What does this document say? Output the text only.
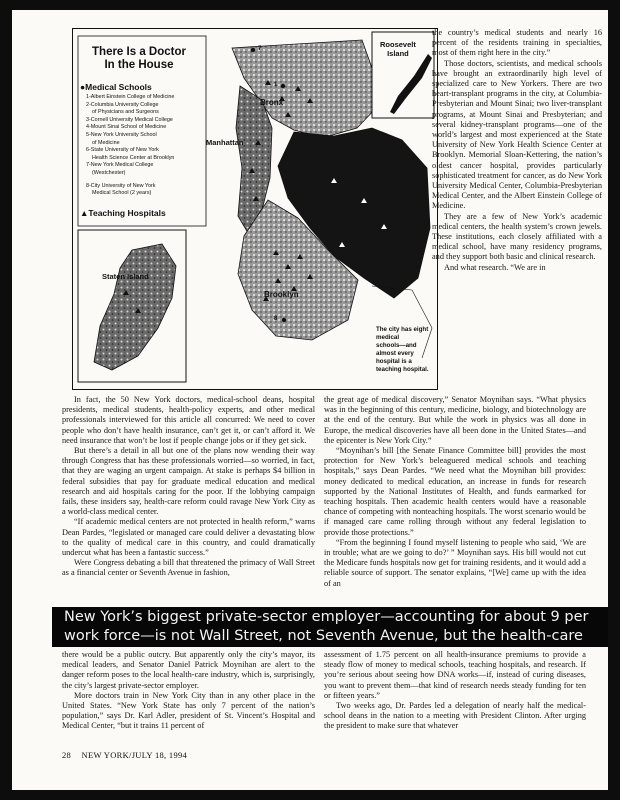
There Is a Doctor
In the House
●Medical Schools
1-Albert Einstein College of Medicine
2-Columbia University College
of Physicians and Surgeons
3-Cornell University Medical College
4-Mount Sinai School of Medicine
5-New York University School
of Medicine
6-State University of New York
Health Science Center at Brooklyn
7-New York Medical College
(Westchester)
8-City University of New York
Medical School (2 years)
▲Teaching Hospitals
Roosevelt
Island
Bronx
Manhattan
Brooklyn
Staten Island
7
1
8
The city has eight
medical
schools—and
almost every
hospital is a
teaching hospital.

the country’s medical students and nearly 16 percent of the residents training in specialties, most of them right here in the city.”

Those doctors, scientists, and medical schools have brought an extraordinarily high level of specialized care to New Yorkers. There are two heart-transplant programs in the city, at Columbia-Presbyterian and Mount Sinai; two liver-transplant programs, at Mount Sinai and Presbyterian; and several kidney-transplant programs—one of the world’s largest and most experienced at the State University of New York Health Science Center at Brooklyn. Memorial Sloan-Kettering, the nation’s oldest cancer hospital, provides particularly sophisticated treatment for cancer, as do New York University Medical Center, Columbia-Presbyterian Medical Center, and the Albert Einstein College of Medicine.

They are a few of New York’s academic medical centers, the health system’s crown jewels. These institutions, each closely affiliated with a medical school, have many residency programs, and they support both basic and clinical research.

And what research. “We are in

In fact, the 50 New York doctors, medical-school deans, hospital presidents, medical students, health-policy experts, and other medical professionals interviewed for this article all concurred: We need to cover people who don’t have health insurance, can’t get it, or can’t afford it. We need insurance that won’t be lost if people change jobs or if they get sick.

But there’s a detail in all but one of the plans now wending their way through Congress that has these professionals worried—so worried, in fact, that they are waging an urgent campaign. At stake is perhaps $4 billion in federal subsidies that pay for graduate medical education and medical research and aid hospitals caring for the poor. If the lobbying campaign fails, these insiders say, health-care reform could ravage New York City as a world-class medical center.

“If academic medical centers are not protected in health reform,” warns Dean Pardes, “legislated or managed care could deliver a devastating blow to the quality of medical care in this country, and could dramatically undercut what has been a fantastic success.”

Were Congress debating a bill that threatened the primacy of Wall Street as a financial center or Seventh Avenue in fashion,

the great age of medical discovery,” Senator Moynihan says. “What physics was in the beginning of this century, medicine, biology, and biotechnology are at the end of the century. But while the work in physics was all done in Europe, the medical discoveries have all been done in the United States—and the epicenter is New York City.”

“Moynihan’s bill [the Senate Finance Committee bill] provides the most protection for New York’s beleaguered medical schools and teaching hospitals,” says Dean Pardes. “We need what the Moynihan bill provides: money dedicated to medical education, an increase in funds for research supported by the National Institutes of Health, and funds earmarked for teaching hospitals. Then academic health centers would have a reasonable chance of competing with nonteaching hospitals. The worst scenario would be if managed care came rolling through without any federal legislation to provide those protections.”

“From the beginning I found myself listening to people who said, ‘We are in trouble; what are we going to do?’ ” Moynihan says. His bill would not cut the Medicare funds hospitals now get for training residents, and it would add a reliable source of support. The senator explains, “[We] came up with the idea of an

New York’s biggest private-sector employer—accounting for about 9 per
work force—is not Wall Street, not Seventh Avenue, but the health-care

there would be a public outcry. But apparently only the city’s mayor, its medical leaders, and Senator Daniel Patrick Moynihan are alert to the danger reform poses to the local health-care industry, which is, surprisingly, the city’s largest private-sector employer.

More doctors train in New York City than in any other place in the United States. “New York State has only 7 percent of the nation’s population,” says Dr. Karl Adler, president of St. Vincent’s Hospital and Medical Center, “but it trains 11 percent of

assessment of 1.75 percent on all health-insurance premiums to provide a steady flow of money to medical schools, teaching hospitals, and research. If you’re serious about seeing how DNA works—if, instead of curing diseases, you want to prevent them—that kind of research needs steady funding for ten or fifteen years.”

Two weeks ago, Dr. Pardes led a delegation of nearly half the medical-school deans in the nation to a meeting with President Clinton. After urging the president to make sure that whatever

28 NEW YORK/JULY 18, 1994
